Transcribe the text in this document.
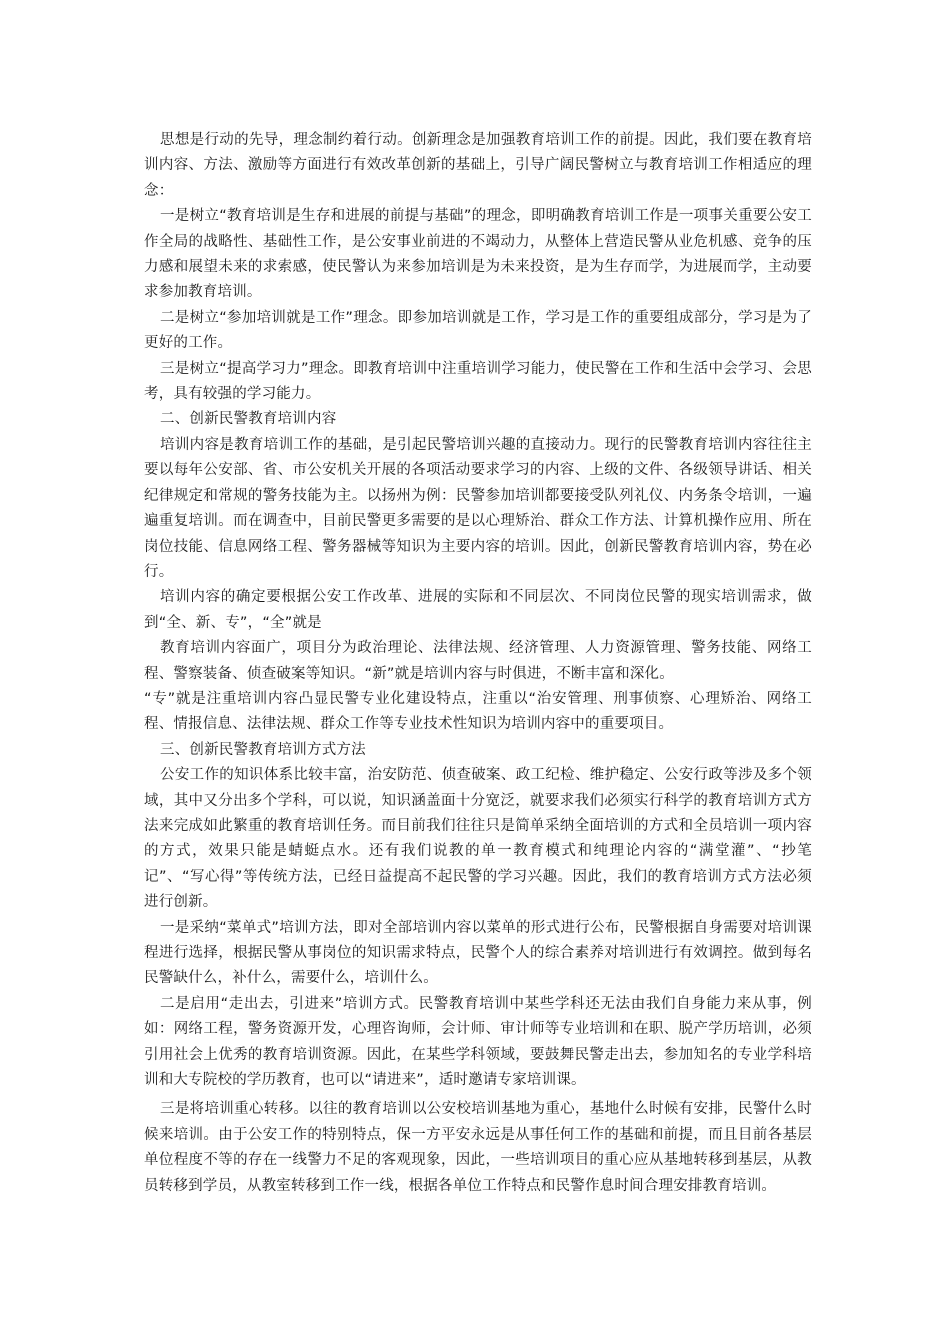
思想是行动的先导，理念制约着行动。创新理念是加强教育培训工作的前提。因此，我们要在教育培训内容、方法、激励等方面进行有效改革创新的基础上，引导广阔民警树立与教育培训工作相适应的理念：

一是树立“教育培训是生存和进展的前提与基础”的理念，即明确教育培训工作是一项事关重要公安工作全局的战略性、基础性工作，是公安事业前进的不竭动力，从整体上营造民警从业危机感、竞争的压力感和展望未来的求索感，使民警认为来参加培训是为未来投资，是为生存而学，为进展而学，主动要求参加教育培训。

二是树立“参加培训就是工作”理念。即参加培训就是工作，学习是工作的重要组成部分，学习是为了更好的工作。

三是树立“提高学习力”理念。即教育培训中注重培训学习能力，使民警在工作和生活中会学习、会思考，具有较强的学习能力。

二、创新民警教育培训内容

培训内容是教育培训工作的基础，是引起民警培训兴趣的直接动力。现行的民警教育培训内容往往主要以每年公安部、省、市公安机关开展的各项活动要求学习的内容、上级的文件、各级领导讲话、相关纪律规定和常规的警务技能为主。以扬州为例：民警参加培训都要接受队列礼仪、内务条令培训，一遍遍重复培训。而在调查中，目前民警更多需要的是以心理矫治、群众工作方法、计算机操作应用、所在岗位技能、信息网络工程、警务器械等知识为主要内容的培训。因此，创新民警教育培训内容，势在必行。

培训内容的确定要根据公安工作改革、进展的实际和不同层次、不同岗位民警的现实培训需求，做到“全、新、专”，“全”就是

教育培训内容面广，项目分为政治理论、法律法规、经济管理、人力资源管理、警务技能、网络工程、警察装备、侦查破案等知识。“新”就是培训内容与时俱进，不断丰富和深化。

“专”就是注重培训内容凸显民警专业化建设特点，注重以“治安管理、刑事侦察、心理矫治、网络工程、情报信息、法律法规、群众工作等专业技术性知识为培训内容中的重要项目。

三、创新民警教育培训方式方法

公安工作的知识体系比较丰富，治安防范、侦查破案、政工纪检、维护稳定、公安行政等涉及多个领域，其中又分出多个学科，可以说，知识涵盖面十分宽泛，就要求我们必须实行科学的教育培训方式方法来完成如此繁重的教育培训任务。而目前我们往往只是简单采纳全面培训的方式和全员培训一项内容的方式，效果只能是蜻蜓点水。还有我们说教的单一教育模式和纯理论内容的“满堂灌”、“抄笔记”、“写心得”等传统方法，已经日益提高不起民警的学习兴趣。因此，我们的教育培训方式方法必须进行创新。

一是采纳“菜单式”培训方法，即对全部培训内容以菜单的形式进行公布，民警根据自身需要对培训课程进行选择，根据民警从事岗位的知识需求特点，民警个人的综合素养对培训进行有效调控。做到每名民警缺什么，补什么，需要什么，培训什么。

二是启用“走出去，引进来”培训方式。民警教育培训中某些学科还无法由我们自身能力来从事，例如：网络工程，警务资源开发，心理咨询师，会计师、审计师等专业培训和在职、脱产学历培训，必须引用社会上优秀的教育培训资源。因此，在某些学科领域，要鼓舞民警走出去，参加知名的专业学科培训和大专院校的学历教育，也可以“请进来”，适时邀请专家培训课。

三是将培训重心转移。以往的教育培训以公安校培训基地为重心，基地什么时候有安排，民警什么时候来培训。由于公安工作的特别特点，保一方平安永远是从事任何工作的基础和前提，而且目前各基层单位程度不等的存在一线警力不足的客观现象，因此，一些培训项目的重心应从基地转移到基层，从教员转移到学员，从教室转移到工作一线，根据各单位工作特点和民警作息时间合理安排教育培训。
